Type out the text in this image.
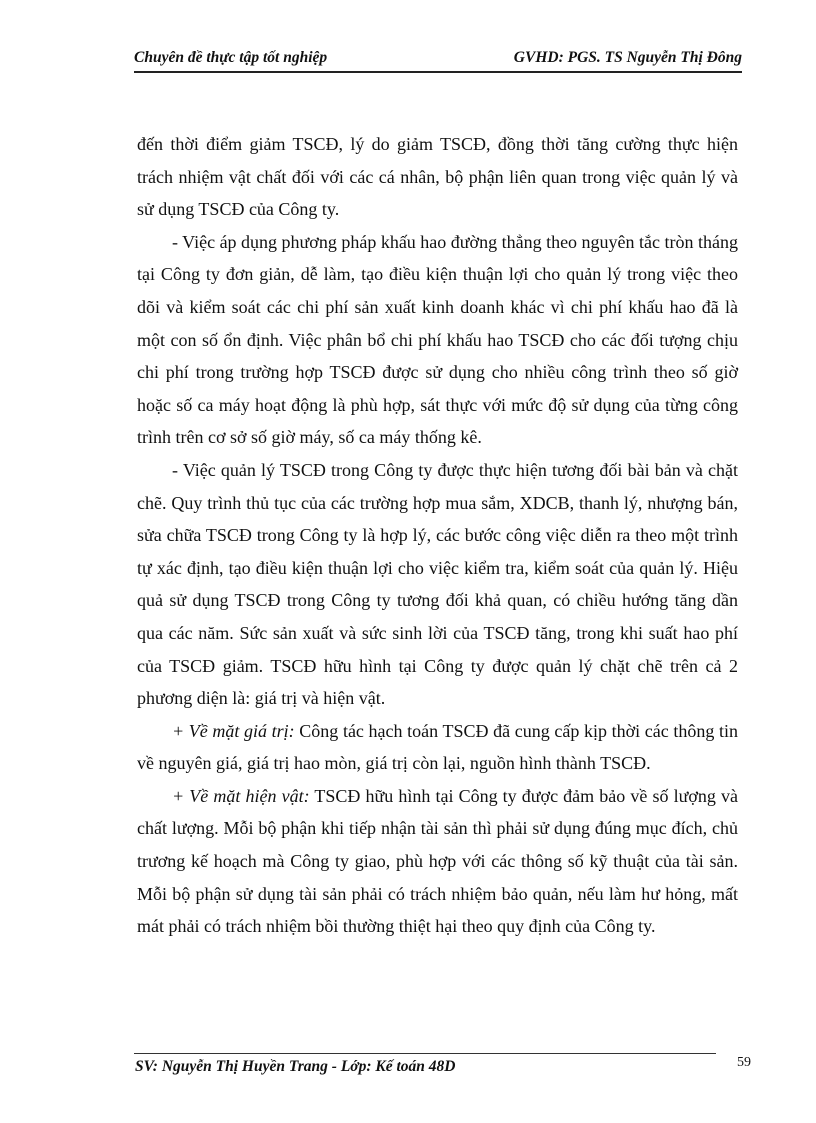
Chuyên đề thực tập tốt nghiệp	GVHD: PGS. TS Nguyễn Thị Đông

đến thời điểm giảm TSCĐ, lý do giảm TSCĐ, đồng thời tăng cường thực hiện trách nhiệm vật chất đối với các cá nhân, bộ phận liên quan trong việc quản lý và sử dụng TSCĐ của Công ty.

- Việc áp dụng phương pháp khấu hao đường thẳng theo nguyên tắc tròn tháng tại Công ty đơn giản, dễ làm, tạo điều kiện thuận lợi cho quản lý trong việc theo dõi và kiểm soát các chi phí sản xuất kinh doanh khác vì chi phí khấu hao đã là một con số ổn định. Việc phân bổ chi phí khấu hao TSCĐ cho các đối tượng chịu chi phí trong trường hợp TSCĐ được sử dụng cho nhiều công trình theo số giờ hoặc số ca máy hoạt động là phù hợp, sát thực với mức độ sử dụng của từng công trình trên cơ sở số giờ máy, số ca máy thống kê.

- Việc quản lý TSCĐ trong Công ty được thực hiện tương đối bài bản và chặt chẽ. Quy trình thủ tục của các trường hợp mua sắm, XDCB, thanh lý, nhượng bán, sửa chữa TSCĐ trong Công ty là hợp lý, các bước công việc diễn ra theo một trình tự xác định, tạo điều kiện thuận lợi cho việc kiểm tra, kiểm soát của quản lý. Hiệu quả sử dụng TSCĐ trong Công ty tương đối khả quan, có chiều hướng tăng dần qua các năm. Sức sản xuất và sức sinh lời của TSCĐ tăng, trong khi suất hao phí của TSCĐ giảm. TSCĐ hữu hình tại Công ty được quản lý chặt chẽ trên cả 2 phương diện là: giá trị và hiện vật.

+ Về mặt giá trị: Công tác hạch toán TSCĐ đã cung cấp kịp thời các thông tin về nguyên giá, giá trị hao mòn, giá trị còn lại, nguồn hình thành TSCĐ.

+ Về mặt hiện vật: TSCĐ hữu hình tại Công ty được đảm bảo về số lượng và chất lượng. Mỗi bộ phận khi tiếp nhận tài sản thì phải sử dụng đúng mục đích, chủ trương kế hoạch mà Công ty giao, phù hợp với các thông số kỹ thuật của tài sản. Mỗi bộ phận sử dụng tài sản phải có trách nhiệm bảo quản, nếu làm hư hỏng, mất mát phải có trách nhiệm bồi thường thiệt hại theo quy định của Công ty.

SV: Nguyễn Thị Huyền Trang - Lớp: Kế toán 48D	59
